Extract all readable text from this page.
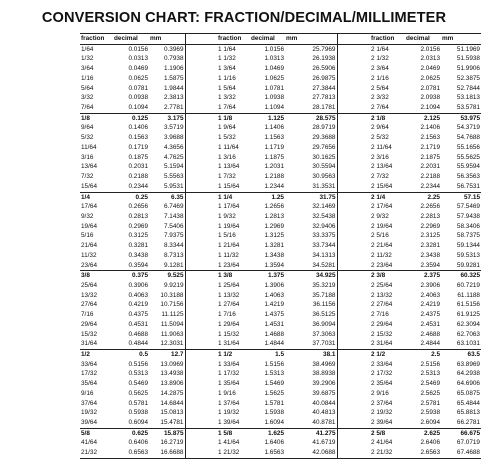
CONVERSION CHART: FRACTION/DECIMAL/MILLIMETER
fraction	decimal	mm		fraction	decimal	mm		fraction	decimal	mm
1/64	0.0156	0.3969		1 1/64	1.0156	25.7969		2 1/64	2.0156	51.1969
1/32	0.0313	0.7938		1 1/32	1.0313	26.1938		2 1/32	2.0313	51.5938
3/64	0.0469	1.1906		1 3/64	1.0469	26.5906		2 3/64	2.0469	51.9906
1/16	0.0625	1.5875		1 1/16	1.0625	26.9875		2 1/16	2.0625	52.3875
5/64	0.0781	1.9844		1 5/64	1.0781	27.3844		2 5/64	2.0781	52.7844
3/32	0.0938	2.3813		1 3/32	1.0938	27.7813		2 3/32	2.0938	53.1813
7/64	0.1094	2.7781		1 7/64	1.1094	28.1781		2 7/64	2.1094	53.5781
1/8	0.125	3.175		1 1/8	1.125	28.575		2 1/8	2.125	53.975
9/64	0.1406	3.5719		1 9/64	1.1406	28.9719		2 9/64	2.1406	54.3719
5/32	0.1563	3.9688		1 5/32	1.1563	29.3688		2 5/32	2.1563	54.7688
11/64	0.1719	4.3656		1 11/64	1.1719	29.7656		2 11/64	2.1719	55.1656
3/16	0.1875	4.7625		1 3/16	1.1875	30.1625		2 3/16	2.1875	55.5625
13/64	0.2031	5.1594		1 13/64	1.2031	30.5594		2 13/64	2.2031	55.9594
7/32	0.2188	5.5563		1 7/32	1.2188	30.9563		2 7/32	2.2188	56.3563
15/64	0.2344	5.9531		1 15/64	1.2344	31.3531		2 15/64	2.2344	56.7531
1/4	0.25	6.35		1 1/4	1.25	31.75		2 1/4	2.25	57.15
17/64	0.2656	6.7469		1 17/64	1.2656	32.1469		2 17/64	2.2656	57.5469
9/32	0.2813	7.1438		1 9/32	1.2813	32.5438		2 9/32	2.2813	57.9438
19/64	0.2969	7.5406		1 19/64	1.2969	32.9406		2 19/64	2.2969	58.3406
5/16	0.3125	7.9375		1 5/16	1.3125	33.3375		2 5/16	2.3125	58.7375
21/64	0.3281	8.3344		1 21/64	1.3281	33.7344		2 21/64	2.3281	59.1344
11/32	0.3438	8.7313		1 11/32	1.3438	34.1313		2 11/32	2.3438	59.5313
23/64	0.3594	9.1281		1 23/64	1.3594	34.5281		2 23/64	2.3594	59.9281
3/8	0.375	9.525		1 3/8	1.375	34.925		2 3/8	2.375	60.325
25/64	0.3906	9.9219		1 25/64	1.3906	35.3219		2 25/64	2.3906	60.7219
13/32	0.4063	10.3188		1 13/32	1.4063	35.7188		2 13/32	2.4063	61.1188
27/64	0.4219	10.7156		1 27/64	1.4219	36.1156		2 27/64	2.4219	61.5156
7/16	0.4375	11.1125		1 7/16	1.4375	36.5125		2 7/16	2.4375	61.9125
29/64	0.4531	11.5094		1 29/64	1.4531	36.9094		2 29/64	2.4531	62.3094
15/32	0.4688	11.9063		1 15/32	1.4688	37.3063		2 15/32	2.4688	62.7063
31/64	0.4844	12.3031		1 31/64	1.4844	37.7031		2 31/64	2.4844	63.1031
1/2	0.5	12.7		1 1/2	1.5	38.1		2 1/2	2.5	63.5
33/64	0.5156	13.0969		1 33/64	1.5156	38.4969		2 33/64	2.5156	63.8969
17/32	0.5313	13.4938		1 17/32	1.5313	38.8938		2 17/32	2.5313	64.2938
35/64	0.5469	13.8906		1 35/64	1.5469	39.2906		2 35/64	2.5469	64.6906
9/16	0.5625	14.2875		1 9/16	1.5625	39.6875		2 9/16	2.5625	65.0875
37/64	0.5781	14.6844		1 37/64	1.5781	40.0844		2 37/64	2.5781	65.4844
19/32	0.5938	15.0813		1 19/32	1.5938	40.4813		2 19/32	2.5938	65.8813
39/64	0.6094	15.4781		1 39/64	1.6094	40.8781		2 39/64	2.6094	66.2781
5/8	0.625	15.875		1 5/8	1.625	41.275		2 5/8	2.625	66.675
41/64	0.6406	16.2719		1 41/64	1.6406	41.6719		2 41/64	2.6406	67.0719
21/32	0.6563	16.6688		1 21/32	1.6563	42.0688		2 21/32	2.6563	67.4688
